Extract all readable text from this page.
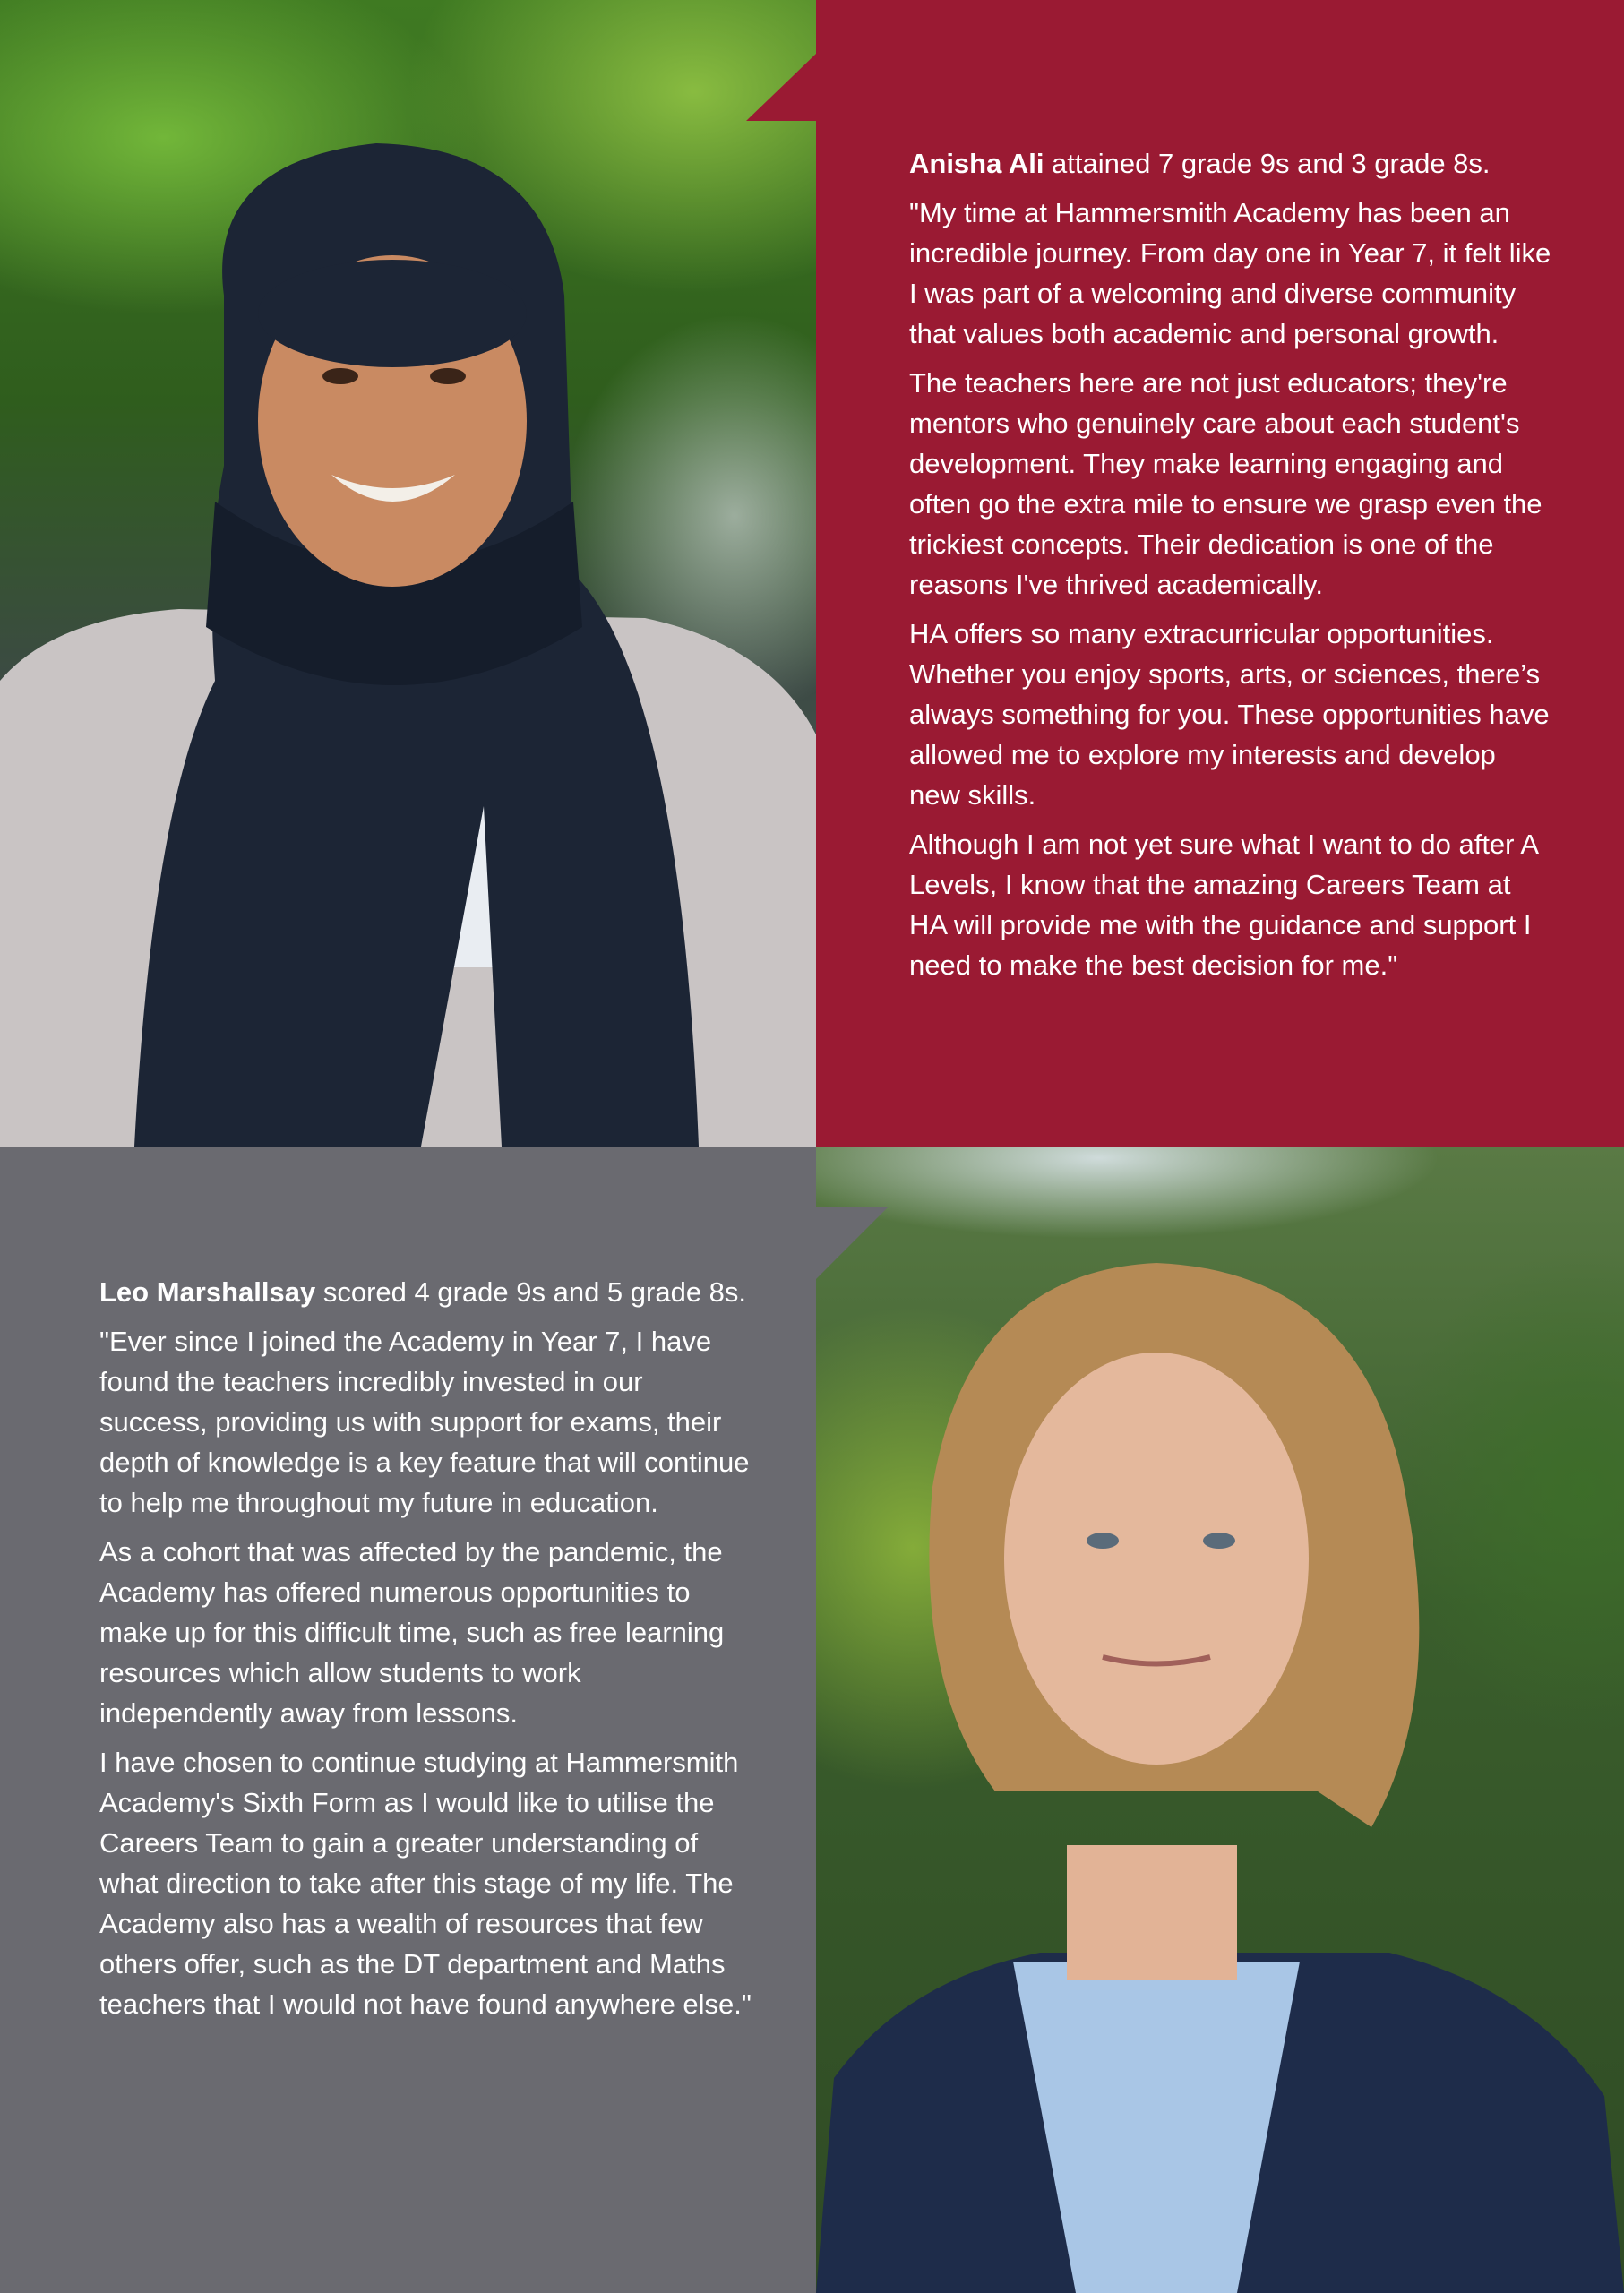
Anisha Ali attained 7 grade 9s and 3 grade 8s.

"My time at Hammersmith Academy has been an incredible journey. From day one in Year 7, it felt like I was part of a welcoming and diverse community that values both academic and personal growth.

The teachers here are not just educators; they're mentors who genuinely care about each student's development. They make learning engaging and often go the extra mile to ensure we grasp even the trickiest concepts. Their dedication is one of the reasons I've thrived academically.

HA offers so many extracurricular opportunities. Whether you enjoy sports, arts, or sciences, there’s always something for you. These opportunities have allowed me to explore my interests and develop new skills.

Although I am not yet sure what I want to do after A Levels, I know that the amazing Careers Team at HA will provide me with the guidance and support I need to make the best decision for me."

Leo Marshallsay scored 4 grade 9s and 5 grade 8s.

"Ever since I joined the Academy in Year 7, I have found the teachers incredibly invested in our success, providing us with support for exams, their depth of knowledge is a key feature that will continue to help me throughout my future in education.

As a cohort that was affected by the pandemic, the Academy has offered numerous opportunities to make up for this difficult time, such as free learning resources which allow students to work independently away from lessons.

I have chosen to continue studying at Hammersmith Academy's Sixth Form as I would like to utilise the Careers Team to gain a greater understanding of what direction to take after this stage of my life. The Academy also has a wealth of resources that few others offer, such as the DT department and Maths teachers that I would not have found anywhere else."
